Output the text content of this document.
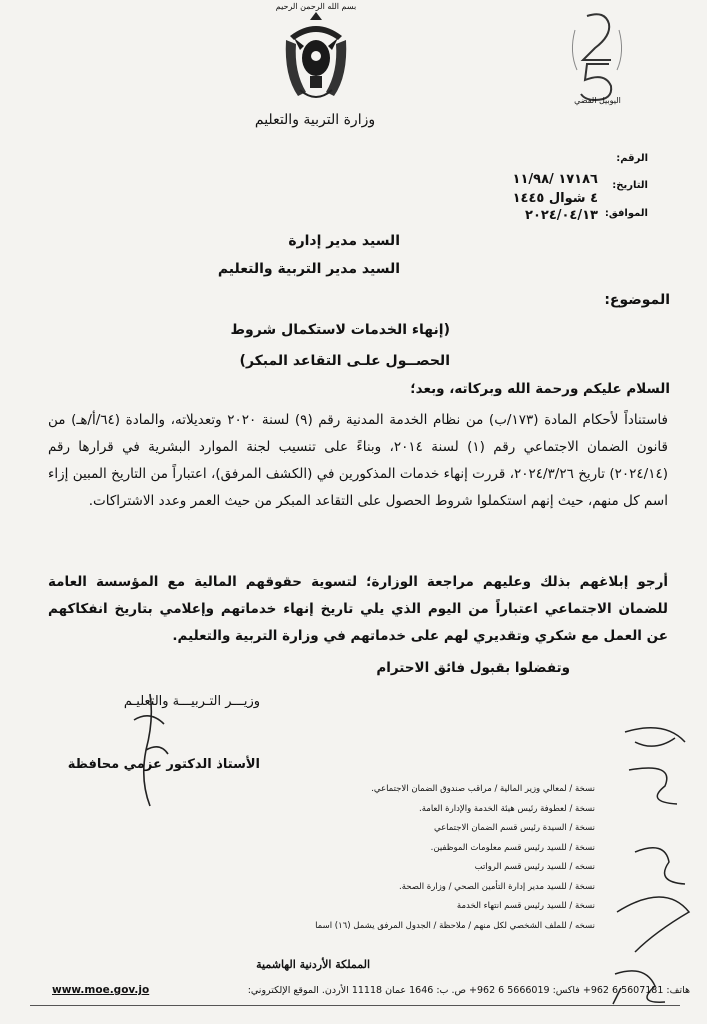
بسم الله الرحمن الرحيم
وزارة التربية والتعليم
اليوبيل الفضي
الرقم:
التاريخ:
١٧١٨٦ /١١/٩٨
٤ شوال ١٤٤٥
الموافق:
٢٠٢٤/٠٤/١٣
السيد مدير إدارة
السيد مدير التربية والتعليم
الموضوع:
(إنهاء الخدمات لاستكمال شروط
الحصــول علـى التقاعد المبكر)
السلام عليكم ورحمة الله وبركاته، وبعد؛
فاستناداً لأحكام المادة (١٧٣/ب) من نظام الخدمة المدنية رقم (٩) لسنة ٢٠٢٠ وتعديلاته، والمادة (٦٤/أ/هـ) من قانون الضمان الاجتماعي رقم (١) لسنة ٢٠١٤، وبناءً على تنسيب لجنة الموارد البشرية في قرارها رقم (٢٠٢٤/١٤) تاريخ ٢٠٢٤/٣/٢٦، قررت إنهاء خدمات المذكورين في (الكشف المرفق)، اعتباراً من التاريخ المبين إزاء اسم كل منهم، حيث إنهم استكملوا شروط الحصول على التقاعد المبكر من حيث العمر وعدد الاشتراكات.
أرجو إبلاغهم بذلك وعليهم مراجعة الوزارة؛ لتسوية حقوقهم المالية مع المؤسسة العامة للضمان الاجتماعي اعتباراً من اليوم الذي يلي تاريخ إنهاء خدماتهم وإعلامي بتاريخ انفكاكهم عن العمل مع شكري وتقديري لهم على خدماتهم في وزارة التربية والتعليم.
وتفضلوا بقبول فائق الاحترام
وزيـــر التـربيـــة والتعليـم
الأستاذ الدكتور عزمي محافظة
نسخة / لمعالي وزير المالية / مراقب صندوق الضمان الاجتماعي.
نسخة / لعطوفة رئيس هيئة الخدمة والإدارة العامة.
نسخة / السيدة رئيس قسم الضمان الاجتماعي
نسخة / للسيد رئيس قسم معلومات الموظفين.
نسخه / للسيد رئيس قسم الرواتب
نسخة / للسيد مدير إدارة التأمين الصحي / وزارة الصحة.
نسخة / للسيد رئيس قسم انتهاء الخدمة
نسخه / للملف الشخصي لكل منهم / ملاحظة / الجدول المرفق يشمل (١٦) اسما
المملكة الأردنية الهاشمية
هاتف: 5607181 6 962+ فاكس: 5666019 6 962+ ص. ب: 1646 عمان 11118 الأردن. الموقع الإلكتروني:
www.moe.gov.jo
